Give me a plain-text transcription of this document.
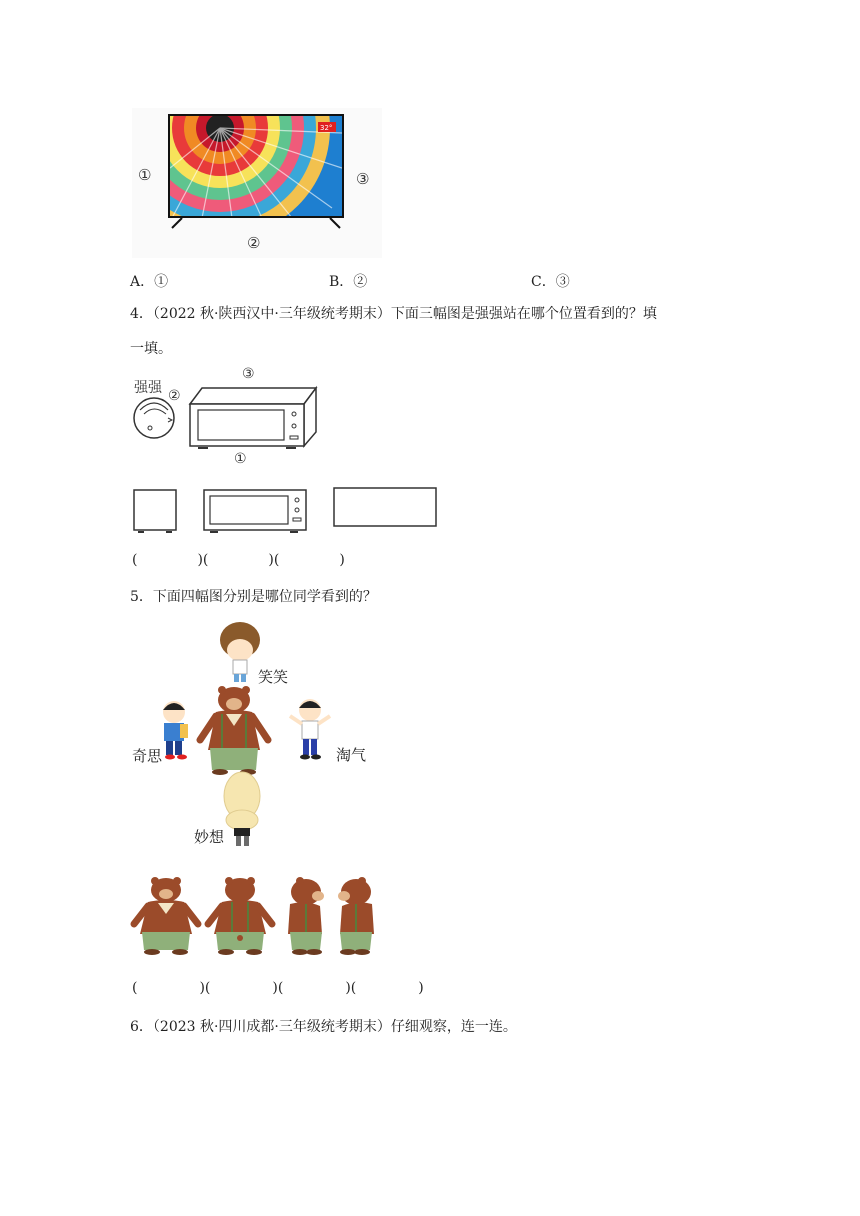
①	③
②
32°
A．①	B．②	C．③
4．（2022 秋·陕西汉中·三年级统考期末）下面三幅图是强强站在哪个位置看到的？填
一填。
强强 ②
③
①
(	)(	)(	)
5．下面四幅图分别是哪位同学看到的？
笑笑
奇思	淘气
妙想
(	)(	)(	)(	)
6．（2023 秋·四川成都·三年级统考期末）仔细观察，连一连。
